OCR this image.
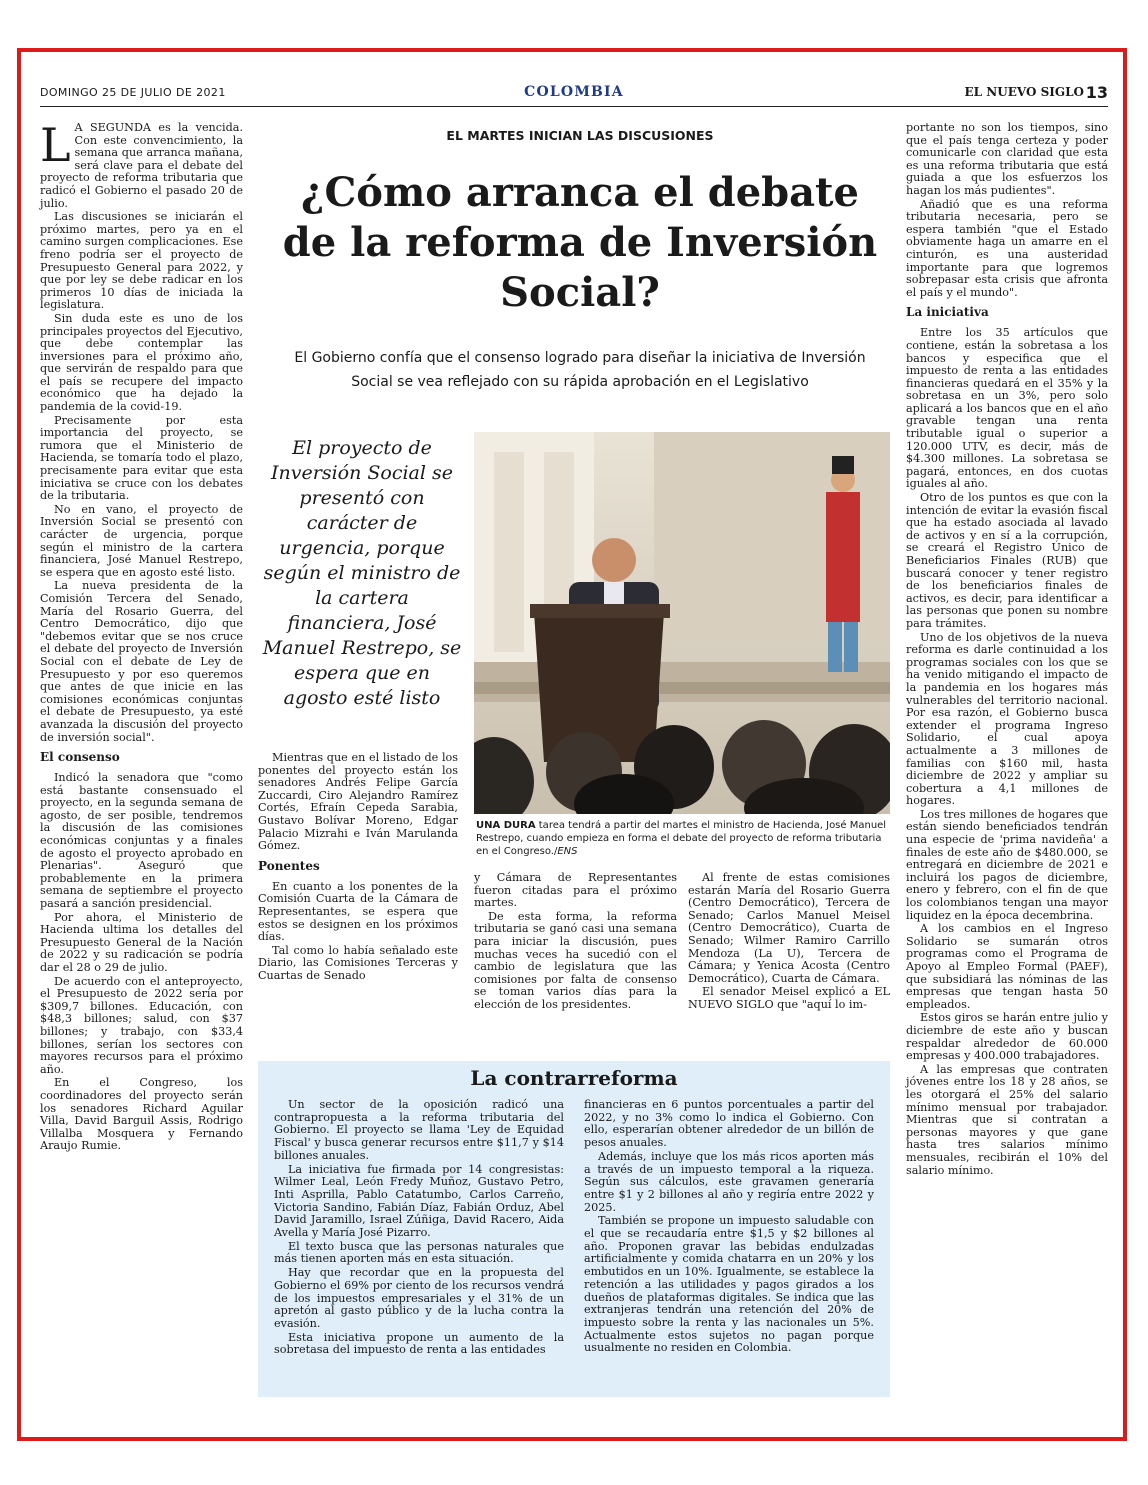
DOMINGO 25 DE JULIO DE 2021	COLOMBIA	EL NUEVO SIGLO 13

L A SEGUNDA es la vencida. Con este convencimiento, la semana que arranca mañana, será clave para el debate del proyecto de reforma tributaria que radicó el Gobierno el pasado 20 de julio.

Las discusiones se iniciarán el próximo martes, pero ya en el camino surgen complicaciones. Ese freno podría ser el proyecto de Presupuesto General para 2022, y que por ley se debe radicar en los primeros 10 días de iniciada la legislatura.

Sin duda este es uno de los principales proyectos del Ejecutivo, que debe contemplar las inversiones para el próximo año, que servirán de respaldo para que el país se recupere del impacto económico que ha dejado la pandemia de la covid-19.

Precisamente por esta importancia del proyecto, se rumora que el Ministerio de Hacienda, se tomaría todo el plazo, precisamente para evitar que esta iniciativa se cruce con los debates de la tributaria.

No en vano, el proyecto de Inversión Social se presentó con carácter de urgencia, porque según el ministro de la cartera financiera, José Manuel Restrepo, se espera que en agosto esté listo.

La nueva presidenta de la Comisión Tercera del Senado, María del Rosario Guerra, del Centro Democrático, dijo que "debemos evitar que se nos cruce el debate del proyecto de Inversión Social con el debate de Ley de Presupuesto y por eso queremos que antes de que inicie en las comisiones económicas conjuntas el debate de Presupuesto, ya esté avanzada la discusión del proyecto de inversión social".

El consenso

Indicó la senadora que "como está bastante consensuado el proyecto, en la segunda semana de agosto, de ser posible, tendremos la discusión de las comisiones económicas conjuntas y a finales de agosto el proyecto aprobado en Plenarias". Aseguró que probablemente en la primera semana de septiembre el proyecto pasará a sanción presidencial.

Por ahora, el Ministerio de Hacienda ultima los detalles del Presupuesto General de la Nación de 2022 y su radicación se podría dar el 28 o 29 de julio.

De acuerdo con el anteproyecto, el Presupuesto de 2022 sería por $309,7 billones. Educación, con $48,3 billones; salud, con $37 billones; y trabajo, con $33,4 billones, serían los sectores con mayores recursos para el próximo año.

En el Congreso, los coordinadores del proyecto serán los senadores Richard Aguilar Villa, David Barguil Assis, Rodrigo Villalba Mosquera y Fernando Araujo Rumie.

EL MARTES INICIAN LAS DISCUSIONES
¿Cómo arranca el debate de la reforma de Inversión Social?
El Gobierno confía que el consenso logrado para diseñar la iniciativa de Inversión Social se vea reflejado con su rápida aprobación en el Legislativo
El proyecto de Inversión Social se presentó con carácter de urgencia, porque según el ministro de la cartera financiera, José Manuel Restrepo, se espera que en agosto esté listo
UNA DURA tarea tendrá a partir del martes el ministro de Hacienda, José Manuel Restrepo, cuando empieza en forma el debate del proyecto de reforma tributaria en el Congreso./ENS

Mientras que en el listado de los ponentes del proyecto están los senadores Andrés Felipe García Zuccardi, Ciro Alejandro Ramírez Cortés, Efraín Cepeda Sarabia, Gustavo Bolívar Moreno, Edgar Palacio Mizrahi e Iván Marulanda Gómez.

Ponentes

En cuanto a los ponentes de la Comisión Cuarta de la Cámara de Representantes, se espera que estos se designen en los próximos días.

Tal como lo había señalado este Diario, las Comisiones Terceras y Cuartas de Senado

y Cámara de Representantes fueron citadas para el próximo martes.

De esta forma, la reforma tributaria se ganó casi una semana para iniciar la discusión, pues muchas veces ha sucedió con el cambio de legislatura que las comisiones por falta de consenso se toman varios días para la elección de los presidentes.

Al frente de estas comisiones estarán María del Rosario Guerra (Centro Democrático), Tercera de Senado; Carlos Manuel Meisel (Centro Democrático), Cuarta de Senado; Wilmer Ramiro Carrillo Mendoza (La U), Tercera de Cámara; y Yenica Acosta (Centro Democrático), Cuarta de Cámara.

El senador Meisel explicó a EL NUEVO SIGLO que "aquí lo im-

portante no son los tiempos, sino que el país tenga certeza y poder comunicarle con claridad que esta es una reforma tributaria que está guiada a que los esfuerzos los hagan los más pudientes".

Añadió que es una reforma tributaria necesaria, pero se espera también "que el Estado obviamente haga un amarre en el cinturón, es una austeridad importante para que logremos sobrepasar esta crisis que afronta el país y el mundo".

La iniciativa

Entre los 35 artículos que contiene, están la sobretasa a los bancos y especifica que el impuesto de renta a las entidades financieras quedará en el 35% y la sobretasa en un 3%, pero solo aplicará a los bancos que en el año gravable tengan una renta tributable igual o superior a 120.000 UTV, es decir, más de $4.300 millones. La sobretasa se pagará, entonces, en dos cuotas iguales al año.

Otro de los puntos es que con la intención de evitar la evasión fiscal que ha estado asociada al lavado de activos y en sí a la corrupción, se creará el Registro Único de Beneficiarios Finales (RUB) que buscará conocer y tener registro de los beneficiarios finales de activos, es decir, para identificar a las personas que ponen su nombre para trámites.

Uno de los objetivos de la nueva reforma es darle continuidad a los programas sociales con los que se ha venido mitigando el impacto de la pandemia en los hogares más vulnerables del territorio nacional. Por esa razón, el Gobierno busca extender el programa Ingreso Solidario, el cual apoya actualmente a 3 millones de familias con $160 mil, hasta diciembre de 2022 y ampliar su cobertura a 4,1 millones de hogares.

Los tres millones de hogares que están siendo beneficiados tendrán una especie de 'prima navideña' a finales de este año de $480.000, se entregará en diciembre de 2021 e incluirá los pagos de diciembre, enero y febrero, con el fin de que los colombianos tengan una mayor liquidez en la época decembrina.

A los cambios en el Ingreso Solidario se sumarán otros programas como el Programa de Apoyo al Empleo Formal (PAEF), que subsidiará las nóminas de las empresas que tengan hasta 50 empleados.

Estos giros se harán entre julio y diciembre de este año y buscan respaldar alrededor de 60.000 empresas y 400.000 trabajadores.

A las empresas que contraten jóvenes entre los 18 y 28 años, se les otorgará el 25% del salario mínimo mensual por trabajador. Mientras que si contratan a personas mayores y que gane hasta tres salarios mínimo mensuales, recibirán el 10% del salario mínimo.

La contrarreforma

Un sector de la oposición radicó una contrapropuesta a la reforma tributaria del Gobierno. El proyecto se llama 'Ley de Equidad Fiscal' y busca generar recursos entre $11,7 y $14 billones anuales.

La iniciativa fue firmada por 14 congresistas: Wilmer Leal, León Fredy Muñoz, Gustavo Petro, Inti Asprilla, Pablo Catatumbo, Carlos Carreño, Victoria Sandino, Fabián Díaz, Fabián Orduz, Abel David Jaramillo, Israel Zúñiga, David Racero, Aida Avella y María José Pizarro.

El texto busca que las personas naturales que más tienen aporten más en esta situación.

Hay que recordar que en la propuesta del Gobierno el 69% por ciento de los recursos vendrá de los impuestos empresariales y el 31% de un apretón al gasto público y de la lucha contra la evasión.

Esta iniciativa propone un aumento de la sobretasa del impuesto de renta a las entidades

financieras en 6 puntos porcentuales a partir del 2022, y no 3% como lo indica el Gobierno. Con ello, esperarían obtener alrededor de un billón de pesos anuales.

Además, incluye que los más ricos aporten más a través de un impuesto temporal a la riqueza. Según sus cálculos, este gravamen generaría entre $1 y 2 billones al año y regiría entre 2022 y 2025.

También se propone un impuesto saludable con el que se recaudaría entre $1,5 y $2 billones al año. Proponen gravar las bebidas endulzadas artificialmente y comida chatarra en un 20% y los embutidos en un 10%. Igualmente, se establece la retención a las utilidades y pagos girados a los dueños de plataformas digitales. Se indica que las extranjeras tendrán una retención del 20% de impuesto sobre la renta y las nacionales un 5%. Actualmente estos sujetos no pagan porque usualmente no residen en Colombia.
